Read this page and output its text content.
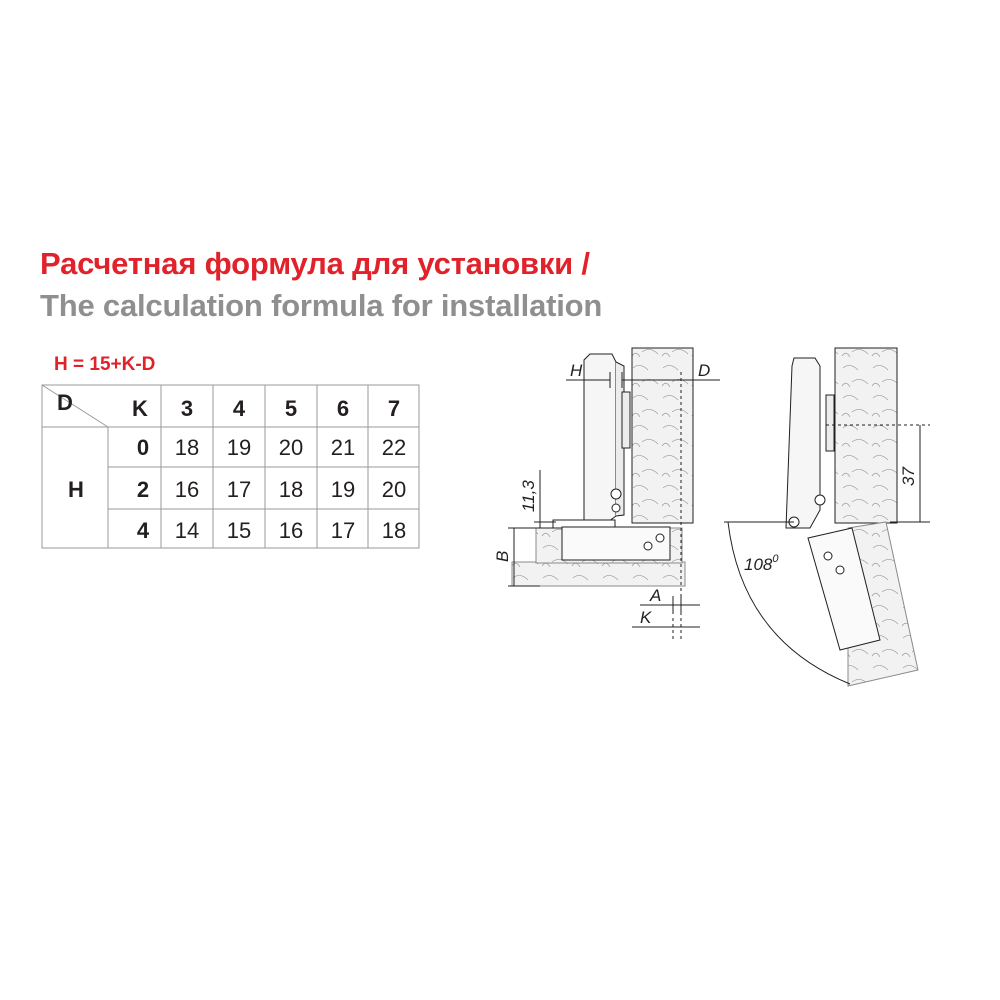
Расчетная формула для установки /
The calculation formula for installation
H = 15+K-D
D	K
H
3 4 5 6 7
0
2
4
18 19 20 21 22
16 17 18 19 20
14 15 16 17 18
H	D
11,3
B
A
K
37
$108^0$
